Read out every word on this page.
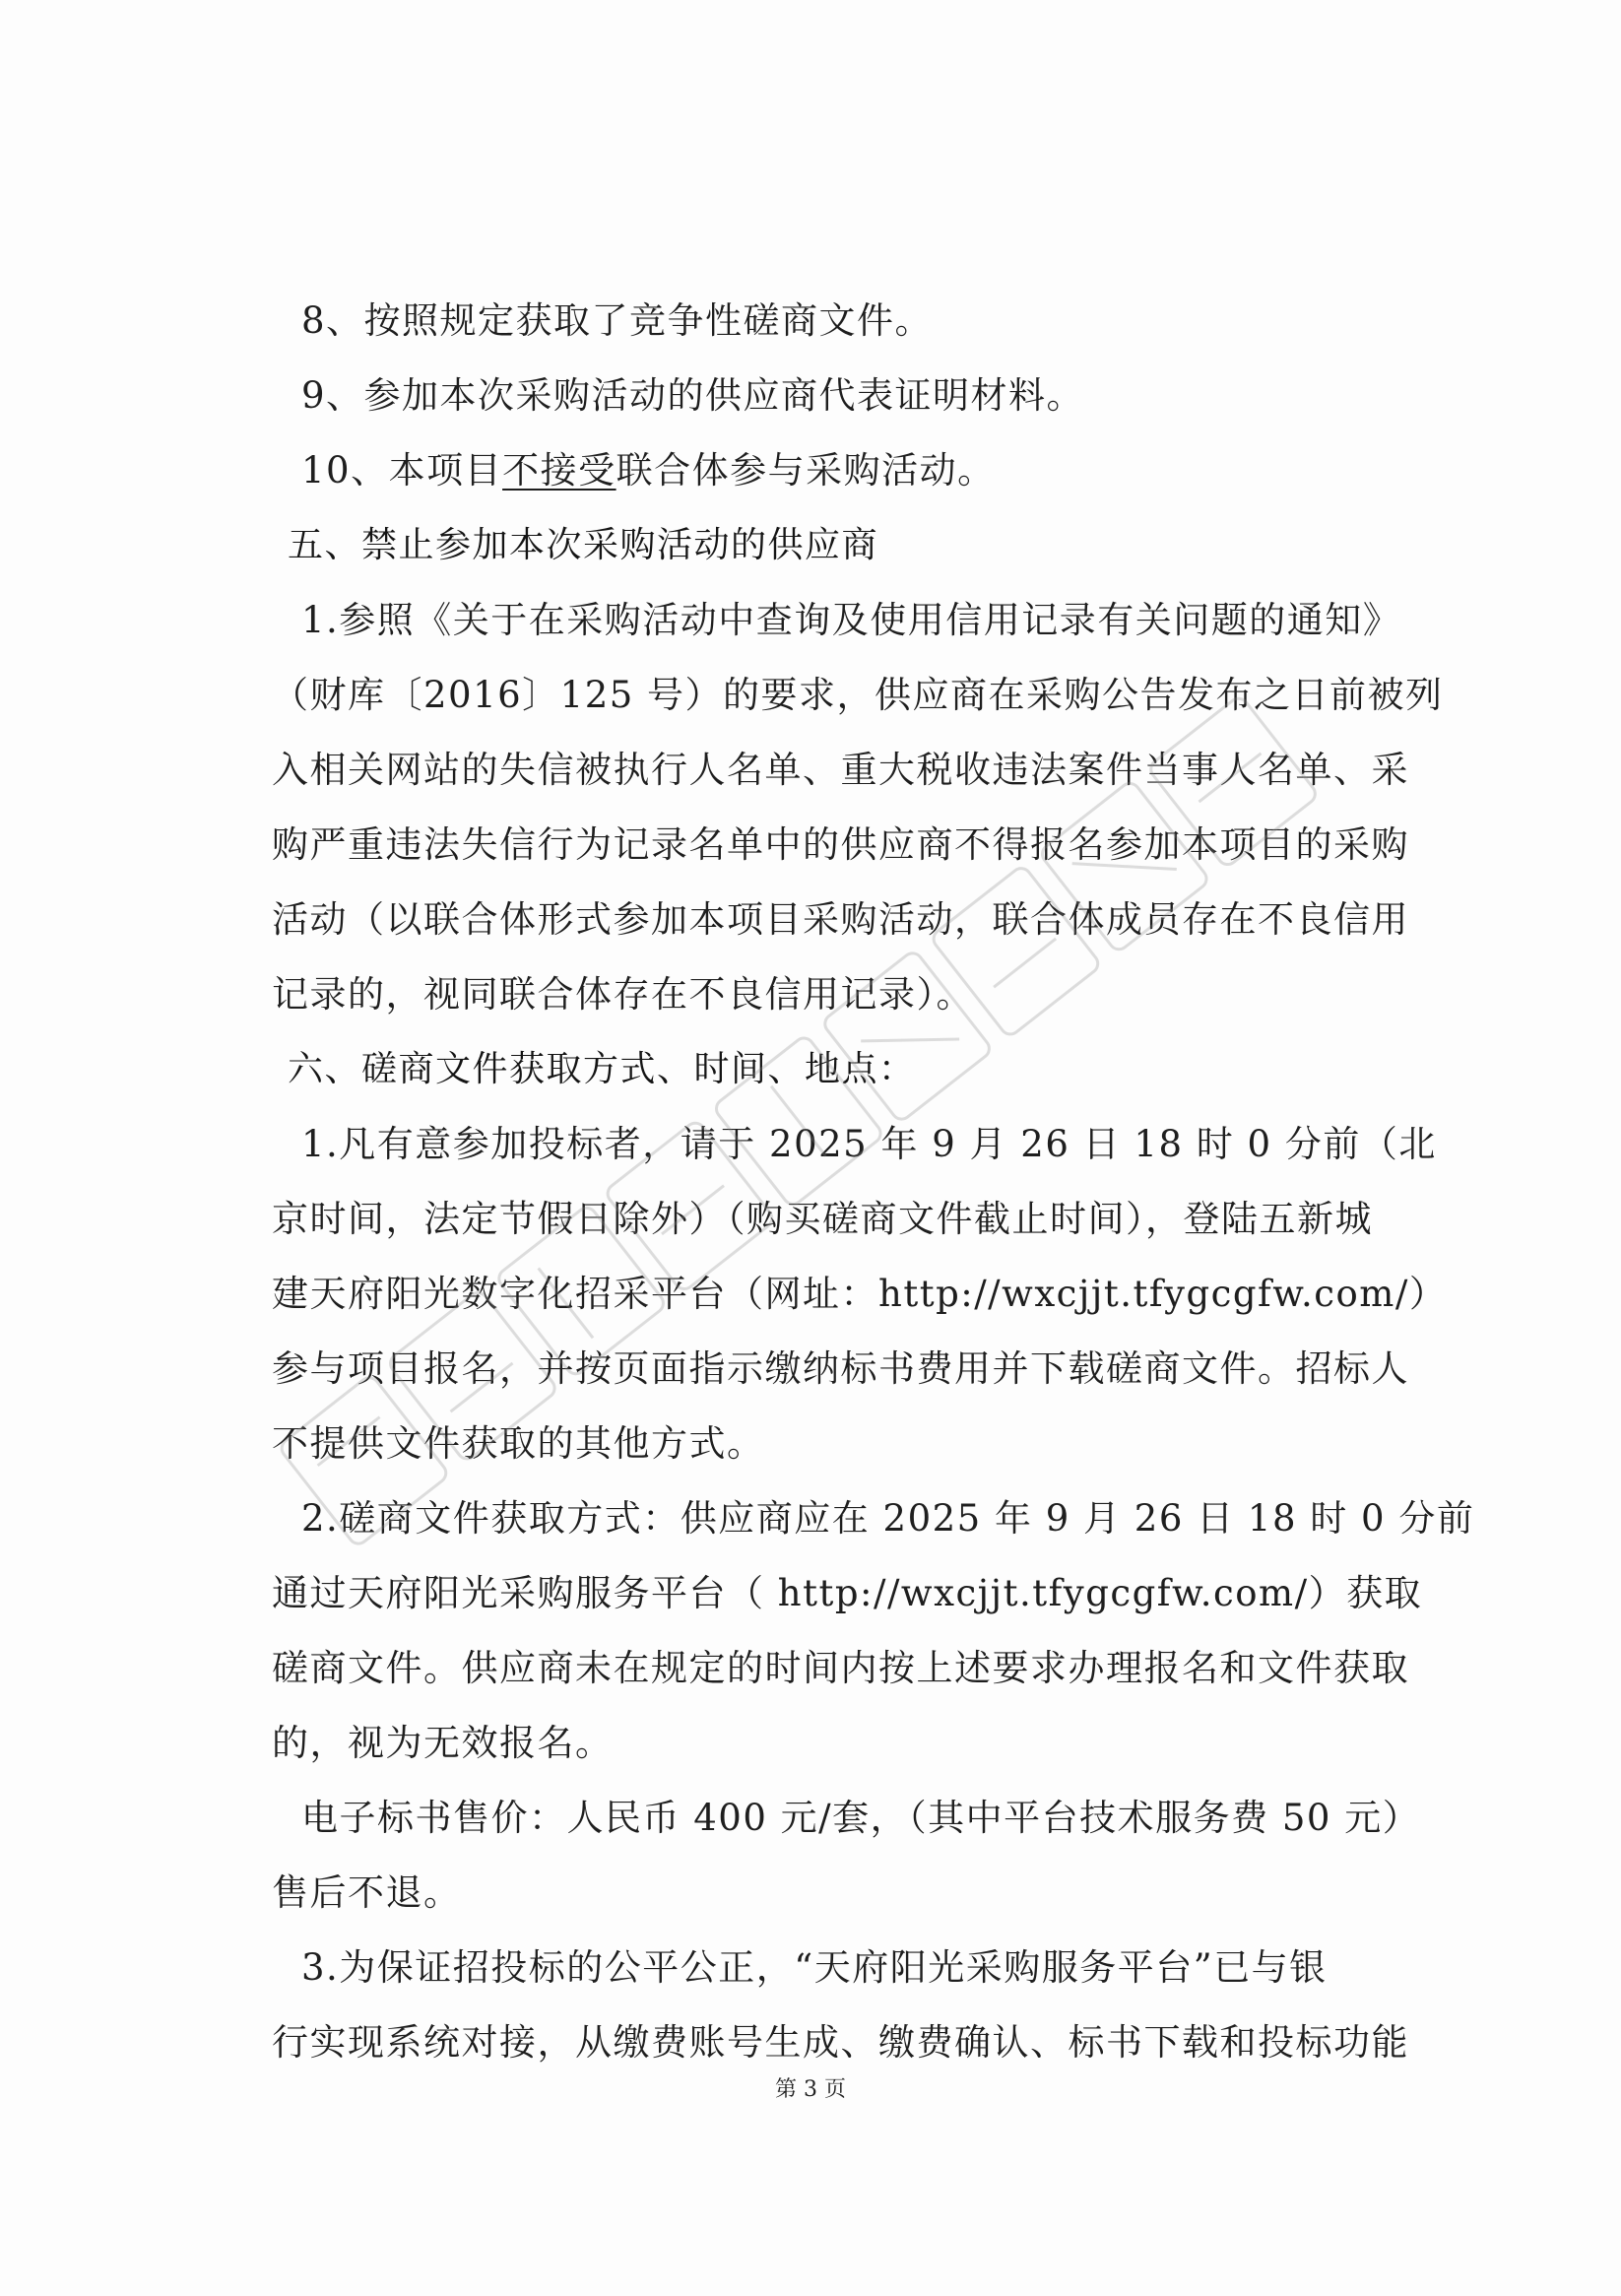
8、按照规定获取了竞争性磋商文件。
9、参加本次采购活动的供应商代表证明材料。
10、本项目不接受联合体参与采购活动。
五、禁止参加本次采购活动的供应商
1.参照《关于在采购活动中查询及使用信用记录有关问题的通知》
（财库〔2016〕125 号）的要求，供应商在采购公告发布之日前被列
入相关网站的失信被执行人名单、重大税收违法案件当事人名单、采
购严重违法失信行为记录名单中的供应商不得报名参加本项目的采购
活动（以联合体形式参加本项目采购活动，联合体成员存在不良信用
记录的，视同联合体存在不良信用记录）。
六、磋商文件获取方式、时间、地点：
1.凡有意参加投标者，请于 2025 年 9 月 26 日 18 时 0 分前（北
京时间，法定节假日除外）（购买磋商文件截止时间），登陆五新城
建天府阳光数字化招采平台（网址：http://wxcjjt.tfygcgfw.com/）
参与项目报名，并按页面指示缴纳标书费用并下载磋商文件。招标人
不提供文件获取的其他方式。
2.磋商文件获取方式：供应商应在 2025 年 9 月 26 日 18 时 0 分前
通过天府阳光采购服务平台（ http://wxcjjt.tfygcgfw.com/）获取
磋商文件。供应商未在规定的时间内按上述要求办理报名和文件获取
的，视为无效报名。
电子标书售价：人民币 400 元/套，（其中平台技术服务费 50 元）
售后不退。
3.为保证招投标的公平公正，“天府阳光采购服务平台”已与银
行实现系统对接，从缴费账号生成、缴费确认、标书下载和投标功能
第 3 页
